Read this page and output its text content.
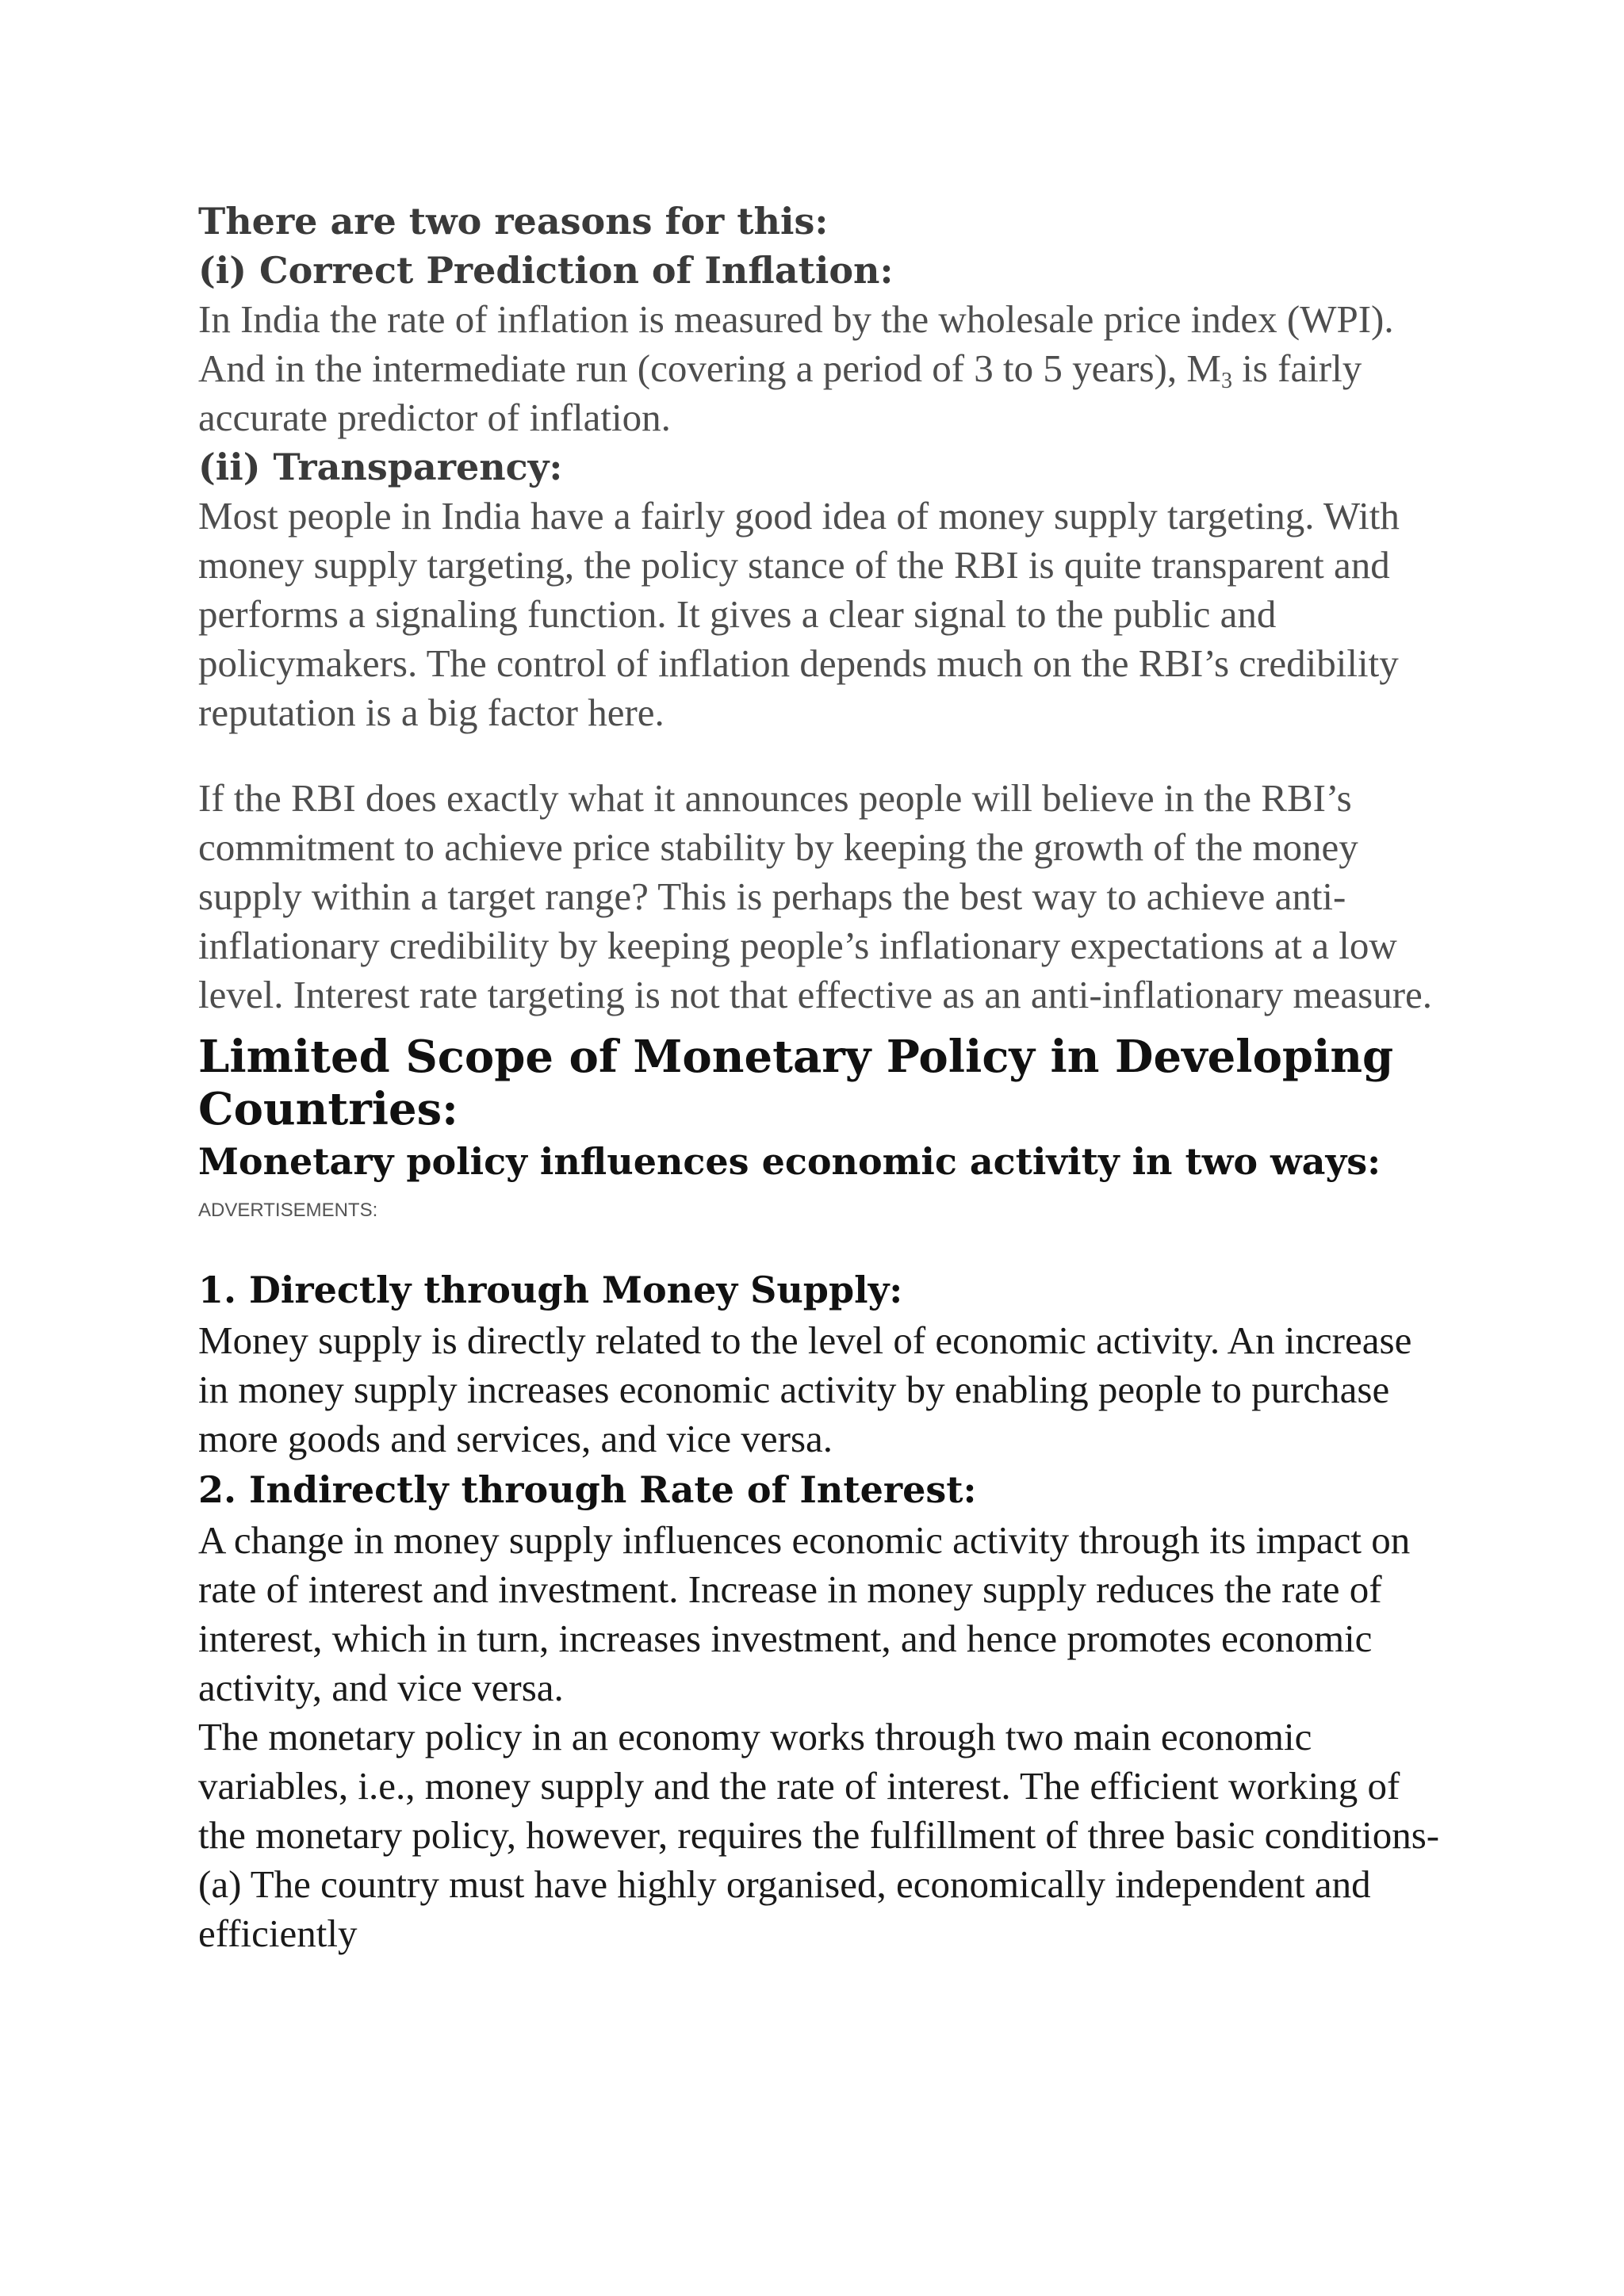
There are two reasons for this:

(i) Correct Prediction of Inflation:

In India the rate of inflation is measured by the wholesale price index (WPI). And in the intermediate run (covering a period of 3 to 5 years), $M_3$ is fairly accurate predictor of inflation.

(ii) Transparency:

Most people in India have a fairly good idea of money supply targeting. With money supply targeting, the policy stance of the RBI is quite transparent and performs a signaling function. It gives a clear signal to the public and policymakers. The control of inflation depends much on the RBI’s credibility reputation is a big factor here.

If the RBI does exactly what it announces people will believe in the RBI’s commitment to achieve price stability by keeping the growth of the money supply within a target range? This is perhaps the best way to achieve anti-inflationary credibility by keeping people’s inflationary expectations at a low level. Interest rate targeting is not that effective as an anti-inflationary measure.

Limited Scope of Monetary Policy in Developing Countries:

Monetary policy influences economic activity in two ways:

ADVERTISEMENTS:

1. Directly through Money Supply:

Money supply is directly related to the level of economic activity. An increase in money supply increases economic activity by enabling people to purchase more goods and services, and vice versa.

2. Indirectly through Rate of Interest:

A change in money supply influences economic activity through its impact on rate of interest and investment. Increase in money supply reduces the rate of interest, which in turn, increases investment, and hence promotes economic activity, and vice versa.

The monetary policy in an economy works through two main economic variables, i.e., money supply and the rate of interest. The efficient working of the monetary policy, however, requires the fulfillment of three basic conditions- (a) The country must have highly organised, economically independent and efficiently
